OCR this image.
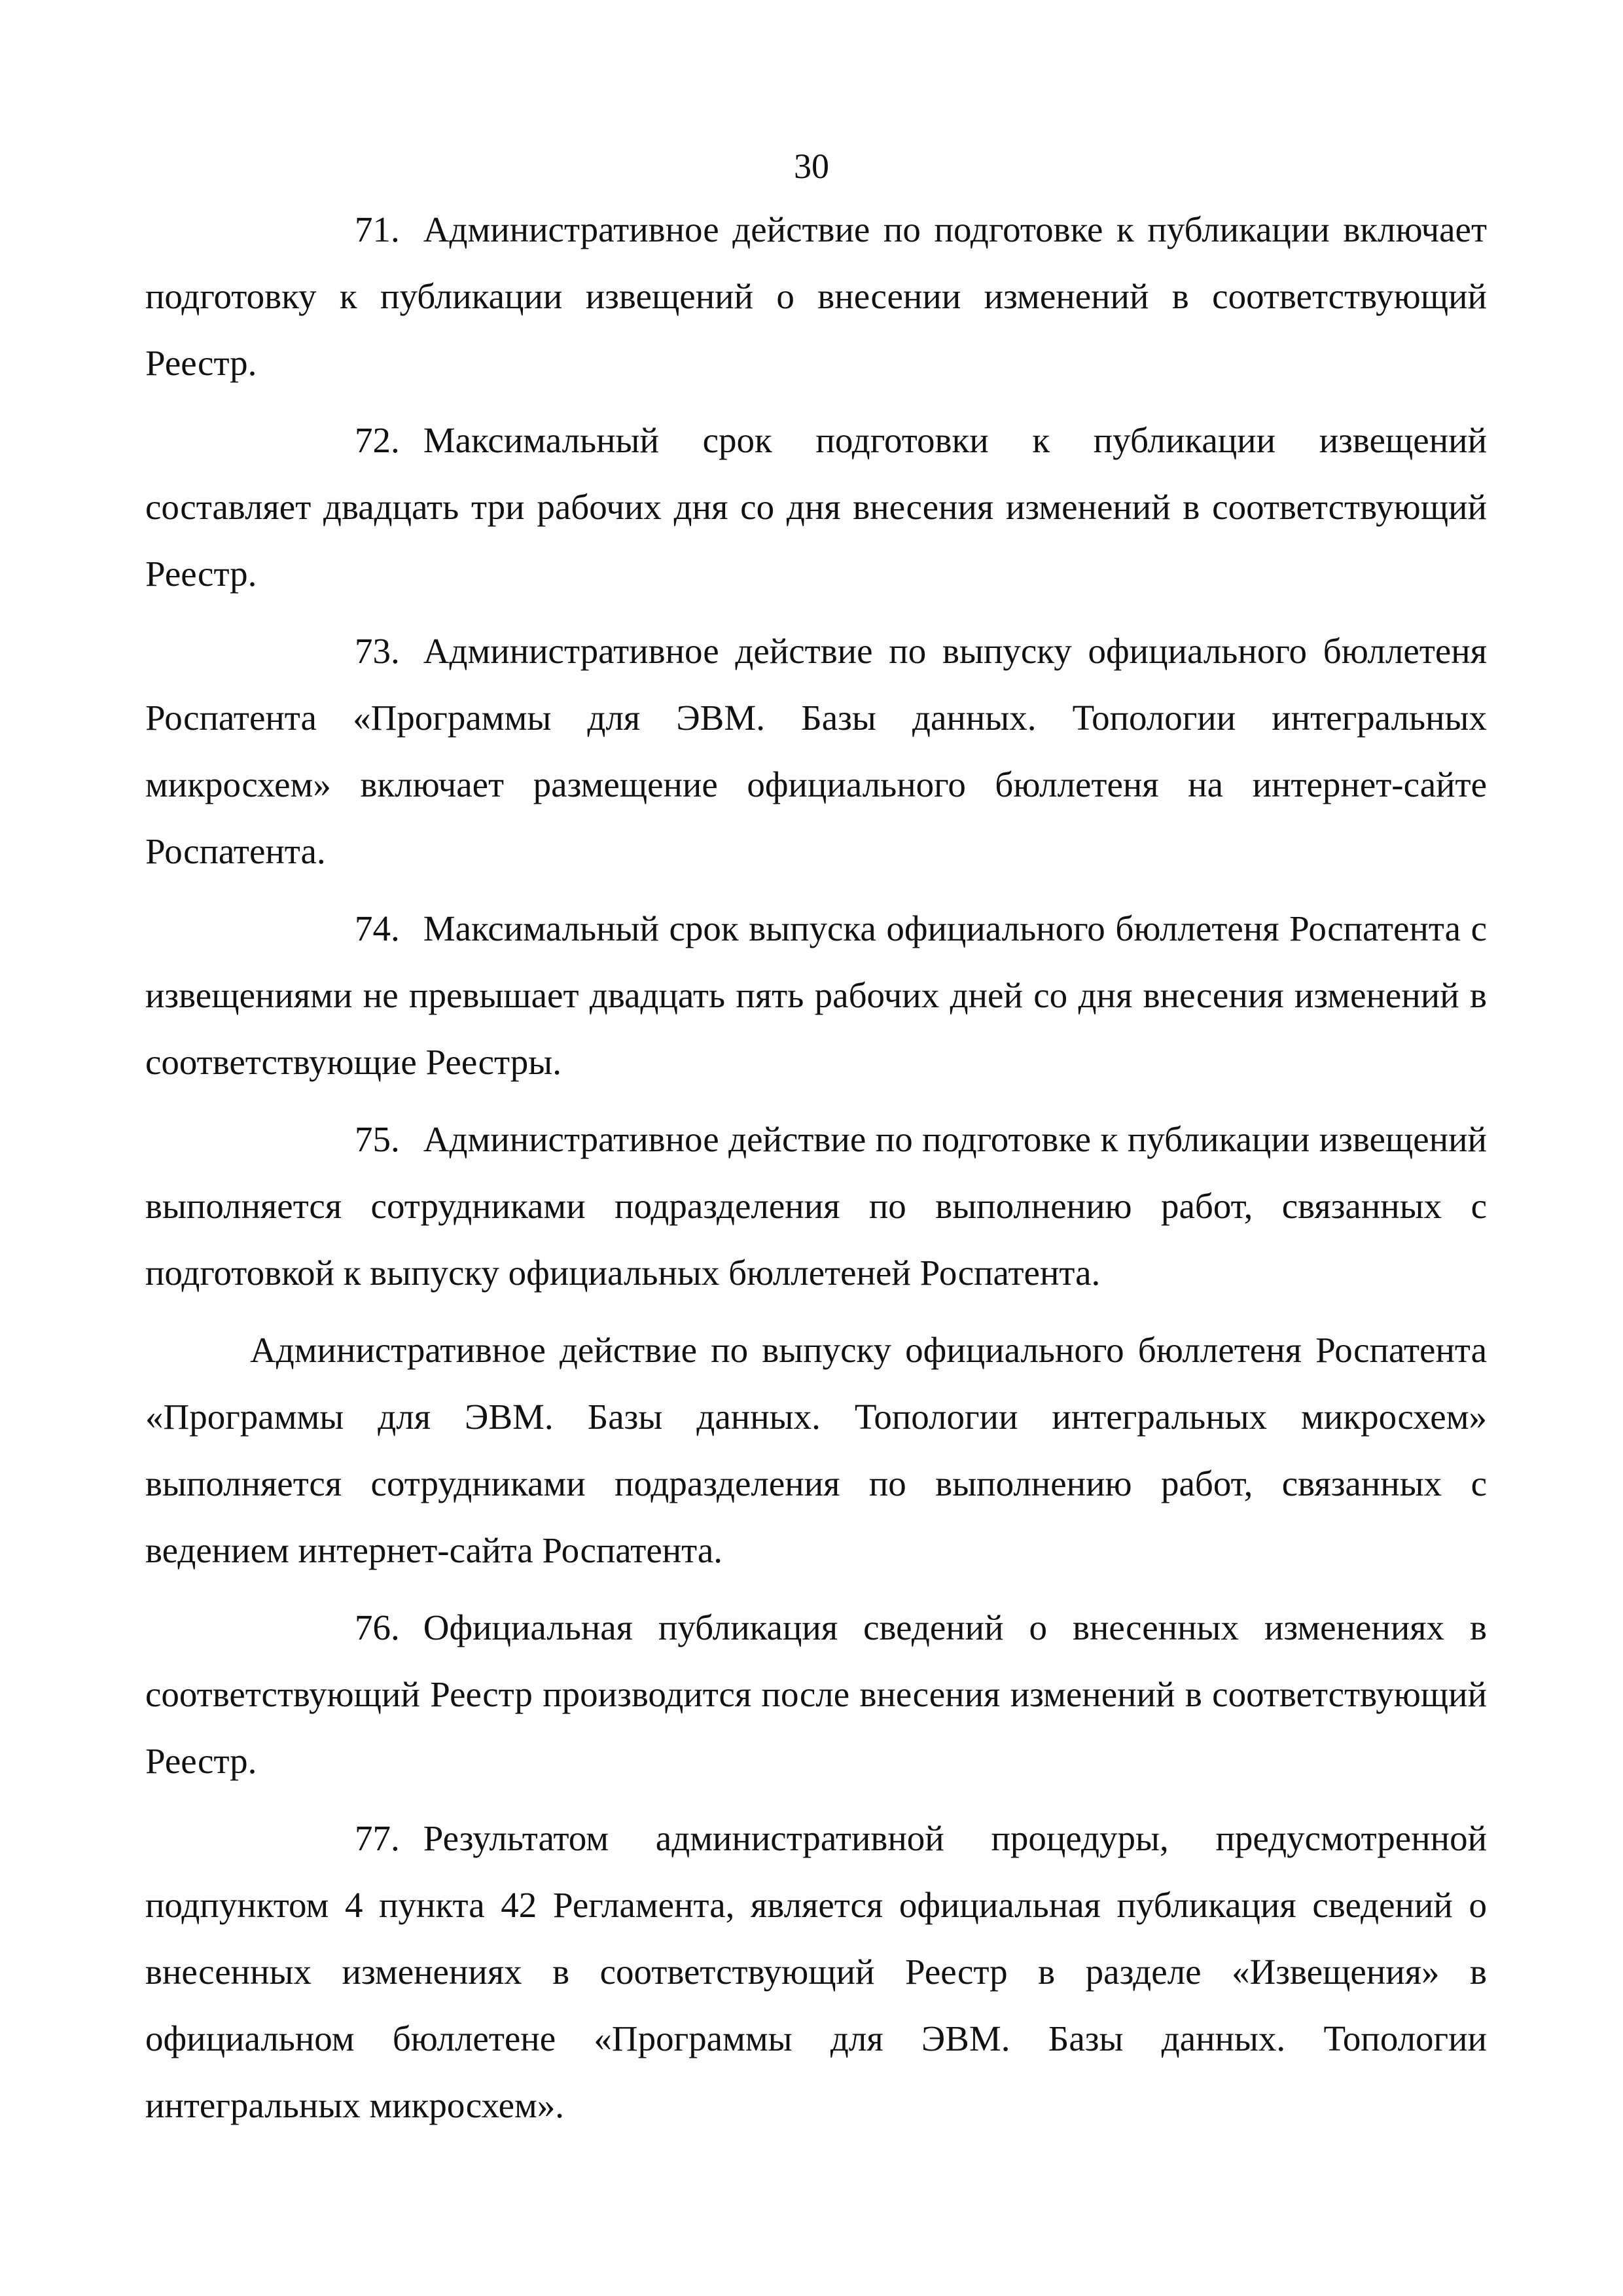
30

71. Административное действие по подготовке к публикации включает подготовку к публикации извещений о внесении изменений в соответствующий Реестр.

72. Максимальный срок подготовки к публикации извещений составляет двадцать три рабочих дня со дня внесения изменений в соответствующий Реестр.

73. Административное действие по выпуску официального бюллетеня Роспатента «Программы для ЭВМ. Базы данных. Топологии интегральных микросхем» включает размещение официального бюллетеня на интернет-сайте Роспатента.

74. Максимальный срок выпуска официального бюллетеня Роспатента с извещениями не превышает двадцать пять рабочих дней со дня внесения изменений в соответствующие Реестры.

75. Административное действие по подготовке к публикации извещений выполняется сотрудниками подразделения по выполнению работ, связанных с подготовкой к выпуску официальных бюллетеней Роспатента.

Административное действие по выпуску официального бюллетеня Роспатента «Программы для ЭВМ. Базы данных. Топологии интегральных микросхем» выполняется сотрудниками подразделения по выполнению работ, связанных с ведением интернет-сайта Роспатента.

76. Официальная публикация сведений о внесенных изменениях в соответствующий Реестр производится после внесения изменений в соответствующий Реестр.

77. Результатом административной процедуры, предусмотренной подпунктом 4 пункта 42 Регламента, является официальная публикация сведений о внесенных изменениях в соответствующий Реестр в разделе «Извещения» в официальном бюллетене «Программы для ЭВМ. Базы данных. Топологии интегральных микросхем».
